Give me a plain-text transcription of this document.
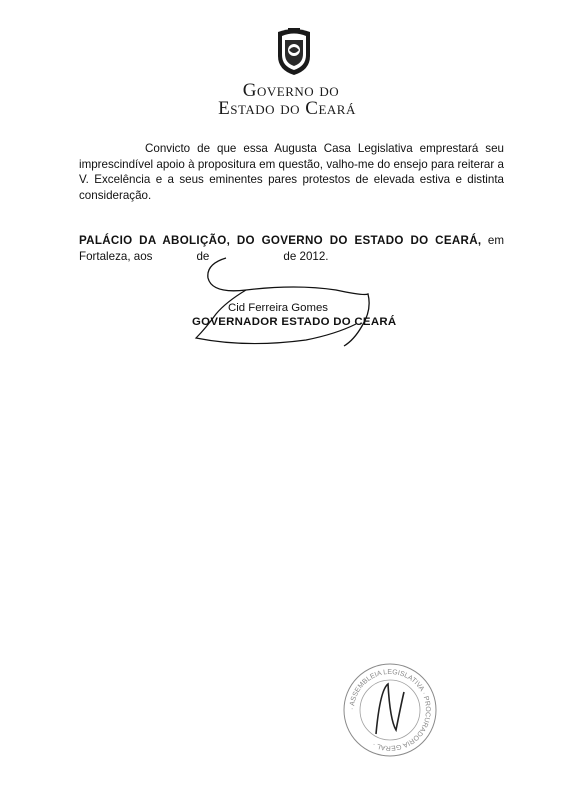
Governo do
Estado do Ceará
Convicto de que essa Augusta Casa Legislativa emprestará seu imprescindível apoio à propositura em questão, valho-me do ensejo para reiterar a V. Excelência e a seus eminentes pares protestos de elevada estiva e distinta consideração.
PALÁCIO DA ABOLIÇÃO, DO GOVERNO DO ESTADO DO CEARÁ, em
Fortaleza, aos	de	de 2012.
Cid Ferreira Gomes
GOVERNADOR ESTADO DO CEARÁ
· ASSEMBLEIA LEGISLATIVA · PROCURADORIA GERAL ·
